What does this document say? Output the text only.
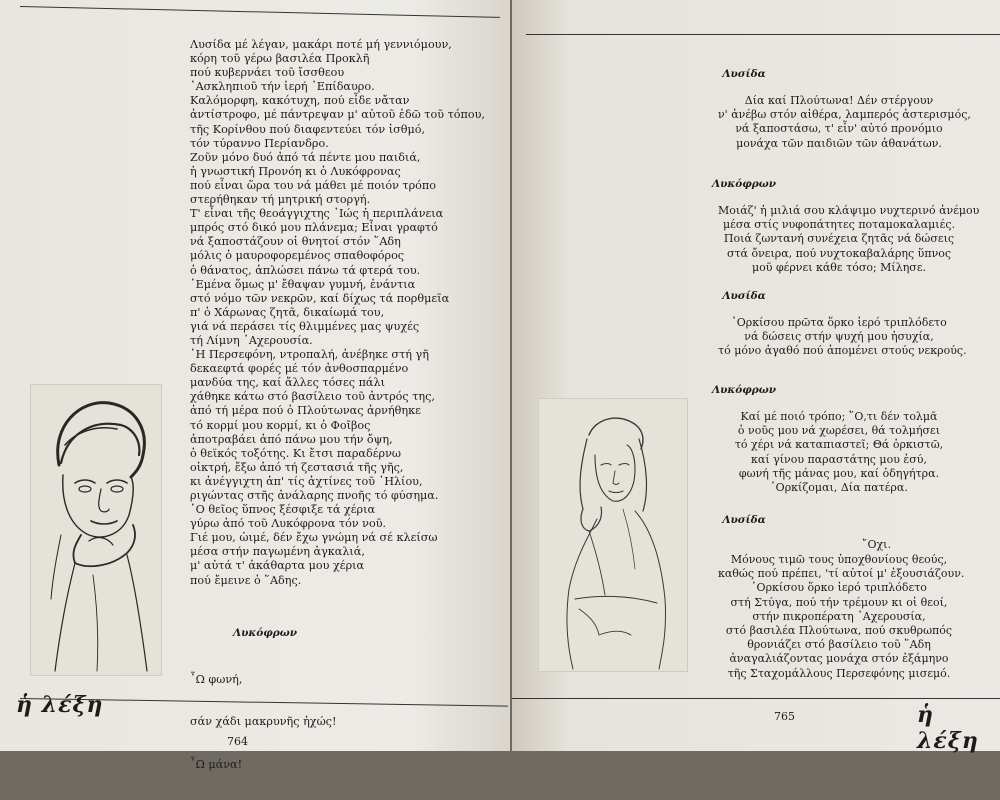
Λυσίδα μέ λέγαν, μακάρι ποτέ μή γεννιόμουν,
κόρη τοῦ γέρω βασιλέα Προκλῆ
πού κυβερνάει τοῦ ἴσσθεου
᾿Ασκληπιοῦ τήν ἱερή ᾿Επίδαυρο.
Καλόμορφη, κακότυχη, πού εἶδε νἄταν
ἀντίστροφο, μέ πάντρεψαν μ' αὐτοῦ ἐδῶ τοῦ τόπου,
τῆς Κορίνθου πού διαφεντεύει τόν ἰσθμό,
τόν τύραννο Περίανδρο.
Ζοῦν μόνο δυό ἀπό τά πέντε μου παιδιά,
ἡ γνωστική Προνόη κι ὁ Λυκόφρονας
πού εἶναι ὥρα του νά μάθει μέ ποιόν τρόπο
στερήθηκαν τή μητρική στοργή.
Τ' εἶναι τῆς θεοάγγιχτης ᾿Ιώς ἡ περιπλάνεια
μπρός στό δικό μου πλάνεμα; Εἶναι γραφτό
νά ξαποστάζουν οἱ θνητοί στόν ῞Αδη
μόλις ὁ μαυροφορεμένος σπαθοφόρος
ὁ θάνατος, ἁπλώσει πάνω τά φτερά του.
᾿Εμένα ὅμως μ' ἔθαψαν γυμνή, ἐνάντια
στό νόμο τῶν νεκρῶν, καί δίχως τά πορθμεῖα
π' ὁ Χάρωνας ζητᾶ, δικαίωμά του,
γιά νά περάσει τίς θλιμμένες μας ψυχές
τή Λίμνη ᾿Αχερουσία.
῾Η Περσεφόνη, ντροπαλή, ἀνέβηκε στή γῆ
δεκαεφτά φορές μέ τόν ἀνθοσπαρμένο
μανδύα της, καί ἄλλες τόσες πάλι
χάθηκε κάτω στό βασίλειο τοῦ ἀντρός της,
ἀπό τή μέρα πού ὁ Πλούτωνας ἀρνήθηκε
τό κορμί μου κορμί, κι ὁ Φοῖβος
ἀποτραβάει ἀπό πάνω μου τήν ὄψη,
ὁ θεϊκός τοξότης. Κι ἔτσι παραδέρνω
οἰκτρή, ἔξω ἀπό τή ζεστασιά τῆς γῆς,
κι ἀνέγγιχτη ἀπ' τίς ἀχτίνες τοῦ ῾Ηλίου,
ριγώντας στῆς ἀνάλαρης πνοῆς τό φύσημα.
῾Ο θεῖος ὕπνος ξέσφιξε τά χέρια
γύρω ἀπό τοῦ Λυκόφρονα τόν νοῦ.
Γιέ μου, ὠιμέ, δέν ἔχω γνώμη νά σέ κλείσω
μέσα στήν παγωμένη ἀγκαλιά,
μ' αὐτά τ' ἀκάθαρτα μου χέρια
πού ἔμεινε ὁ ῞Αδης.
Λυκόφρων

῏Ω φωνή,

σάν χάδι μακρυνῆς ἠχώς!

῏Ω μάνα!

ἡ λέξη
764
Λυσίδα
Δία καί Πλούτωνα! Δέν στέργουν
ν' ἀνέβω στόν αἰθέρα, λαμπερός ἀστερισμός,
νά ξαποστάσω, τ' εἶν' αὐτό προνόμιο
μονάχα τῶν παιδιῶν τῶν ἀθανάτων.
Λυκόφρων
Μοιάζ' ἡ μιλιά σου κλάψιμο νυχτερινό ἀνέμου
μέσα στίς νυφοπάτητες ποταμοκαλαμιές.
Ποιά ζωντανή συνέχεια ζητᾶς νά δώσεις
στά ὄνειρα, πού νυχτοκαβαλάρης ὕπνος
μοῦ φέρνει κάθε τόσο; Μίλησε.
Λυσίδα
᾿Ορκίσου πρῶτα ὅρκο ἱερό τριπλόδετο
νά δώσεις στήν ψυχή μου ἡσυχία,
τό μόνο ἀγαθό πού ἀπομένει στούς νεκρούς.
Λυκόφρων
Καί μέ ποιό τρόπο; ῞Ο,τι δέν τολμᾶ
ὁ νοῦς μου νά χωρέσει, θά τολμήσει
τό χέρι νά καταπιαστεῖ; Θά ὁρκιστῶ,
καί γίνου παραστάτης μου ἐσύ,
φωνή τῆς μάνας μου, καί ὁδηγήτρα.
᾿Ορκίζομαι, Δία πατέρα.
Λυσίδα
῎Οχι.
Μόνους τιμῶ τους ὑποχθονίους θεούς,
καθώς πού πρέπει, 'τί αὐτοί μ' ἐξουσιάζουν.
᾿Ορκίσου ὅρκο ἱερό τριπλόδετο
στή Στύγα, πού τήν τρέμουν κι οἱ θεοί,
στήν πικροπέρατη ᾿Αχερουσία,
στό βασιλέα Πλούτωνα, πού σκυθρωπός
θρονιάζει στό βασίλειο τοῦ ῞Αδη
ἀναγαλιάζοντας μονάχα στόν ἐξάμηνο
τῆς Σταχομάλλους Περσεφόνης μισεμό.
765	ἡ λέξη
